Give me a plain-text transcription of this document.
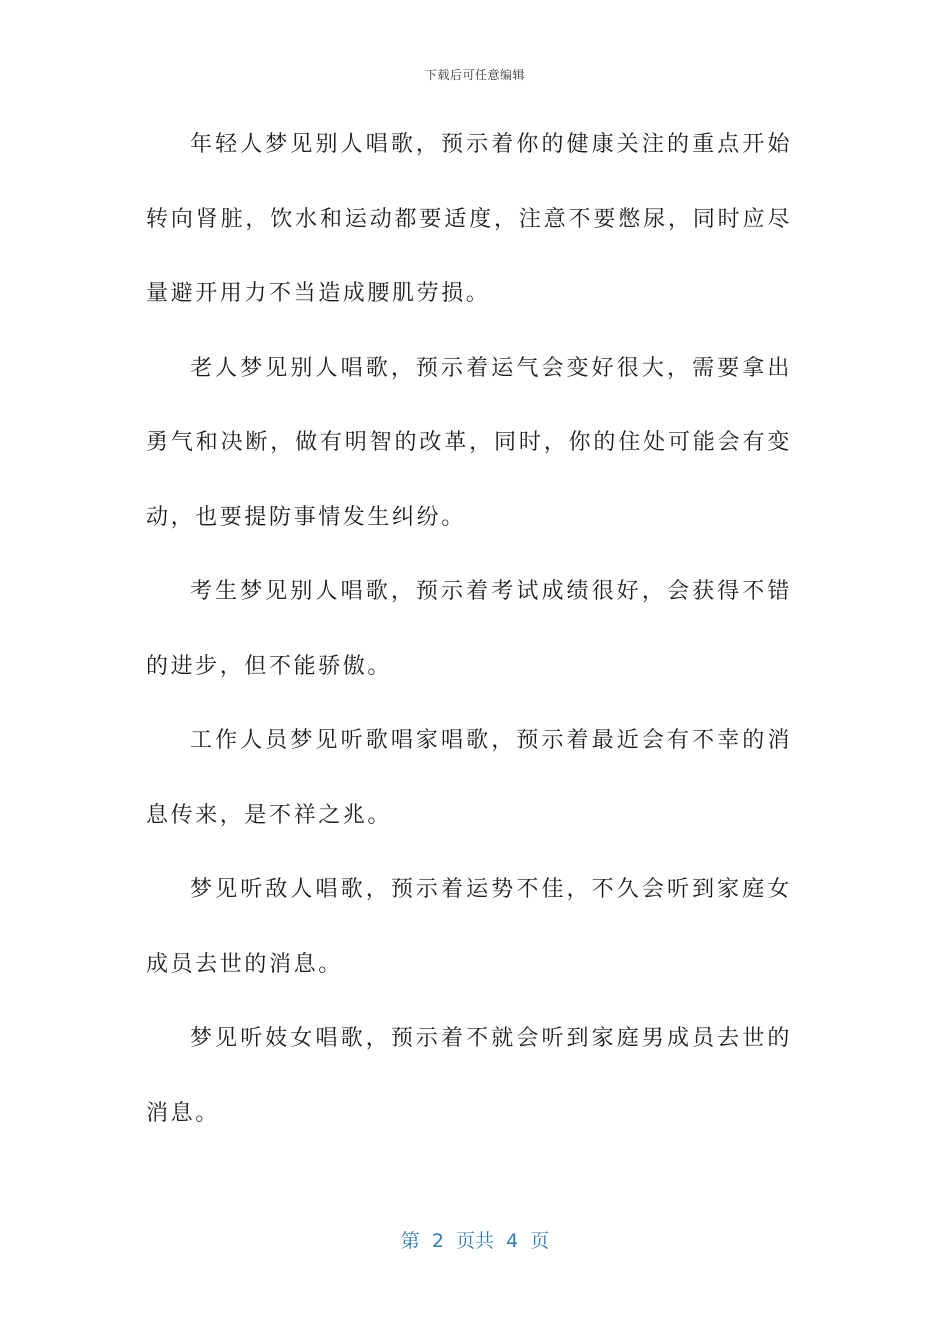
下载后可任意编辑

年轻人梦见别人唱歌，预示着你的健康关注的重点开始转向肾脏，饮水和运动都要适度，注意不要憋尿，同时应尽量避开用力不当造成腰肌劳损。

老人梦见别人唱歌，预示着运气会变好很大，需要拿出勇气和决断，做有明智的改革，同时，你的住处可能会有变动，也要提防事情发生纠纷。

考生梦见别人唱歌，预示着考试成绩很好，会获得不错的进步，但不能骄傲。

工作人员梦见听歌唱家唱歌，预示着最近会有不幸的消息传来，是不祥之兆。

梦见听敌人唱歌，预示着运势不佳，不久会听到家庭女成员去世的消息。

梦见听妓女唱歌，预示着不就会听到家庭男成员去世的消息。

第  2  页共  4  页
